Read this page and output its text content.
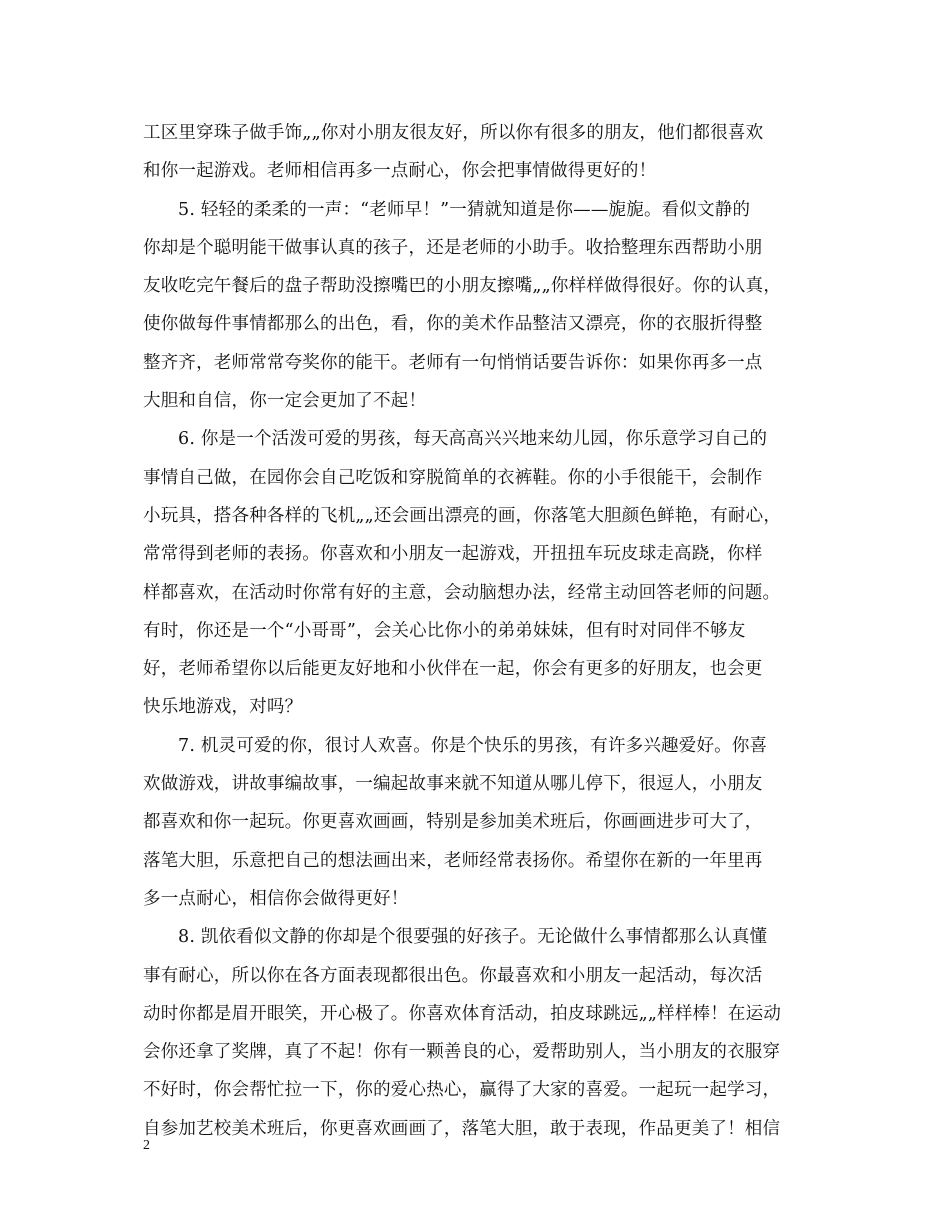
工区里穿珠子做手饰„„你对小朋友很友好，所以你有很多的朋友，他们都很喜欢
和你一起游戏。老师相信再多一点耐心，你会把事情做得更好的！
5. 轻轻的柔柔的一声：“老师早！”一猜就知道是你——旎旎。看似文静的
你却是个聪明能干做事认真的孩子，还是老师的小助手。收拾整理东西帮助小朋
友收吃完午餐后的盘子帮助没擦嘴巴的小朋友擦嘴„„你样样做得很好。你的认真，
使你做每件事情都那么的出色，看，你的美术作品整洁又漂亮，你的衣服折得整
整齐齐，老师常常夸奖你的能干。老师有一句悄悄话要告诉你：如果你再多一点
大胆和自信，你一定会更加了不起！
6. 你是一个活泼可爱的男孩，每天高高兴兴地来幼儿园，你乐意学习自己的
事情自己做，在园你会自己吃饭和穿脱简单的衣裤鞋。你的小手很能干，会制作
小玩具，搭各种各样的飞机„„还会画出漂亮的画，你落笔大胆颜色鲜艳，有耐心，
常常得到老师的表扬。你喜欢和小朋友一起游戏，开扭扭车玩皮球走高跷，你样
样都喜欢，在活动时你常有好的主意，会动脑想办法，经常主动回答老师的问题。
有时，你还是一个“小哥哥”，会关心比你小的弟弟妹妹，但有时对同伴不够友
好，老师希望你以后能更友好地和小伙伴在一起，你会有更多的好朋友，也会更
快乐地游戏，对吗？
7. 机灵可爱的你，很讨人欢喜。你是个快乐的男孩，有许多兴趣爱好。你喜
欢做游戏，讲故事编故事，一编起故事来就不知道从哪儿停下，很逗人，小朋友
都喜欢和你一起玩。你更喜欢画画，特别是参加美术班后，你画画进步可大了，
落笔大胆，乐意把自己的想法画出来，老师经常表扬你。希望你在新的一年里再
多一点耐心，相信你会做得更好！
8. 凯依看似文静的你却是个很要强的好孩子。无论做什么事情都那么认真懂
事有耐心，所以你在各方面表现都很出色。你最喜欢和小朋友一起活动，每次活
动时你都是眉开眼笑，开心极了。你喜欢体育活动，拍皮球跳远„„样样棒！在运动
会你还拿了奖牌，真了不起！你有一颗善良的心，爱帮助别人，当小朋友的衣服穿
不好时，你会帮忙拉一下，你的爱心热心，赢得了大家的喜爱。一起玩一起学习，
自参加艺校美术班后，你更喜欢画画了，落笔大胆，敢于表现，作品更美了！相信
2
